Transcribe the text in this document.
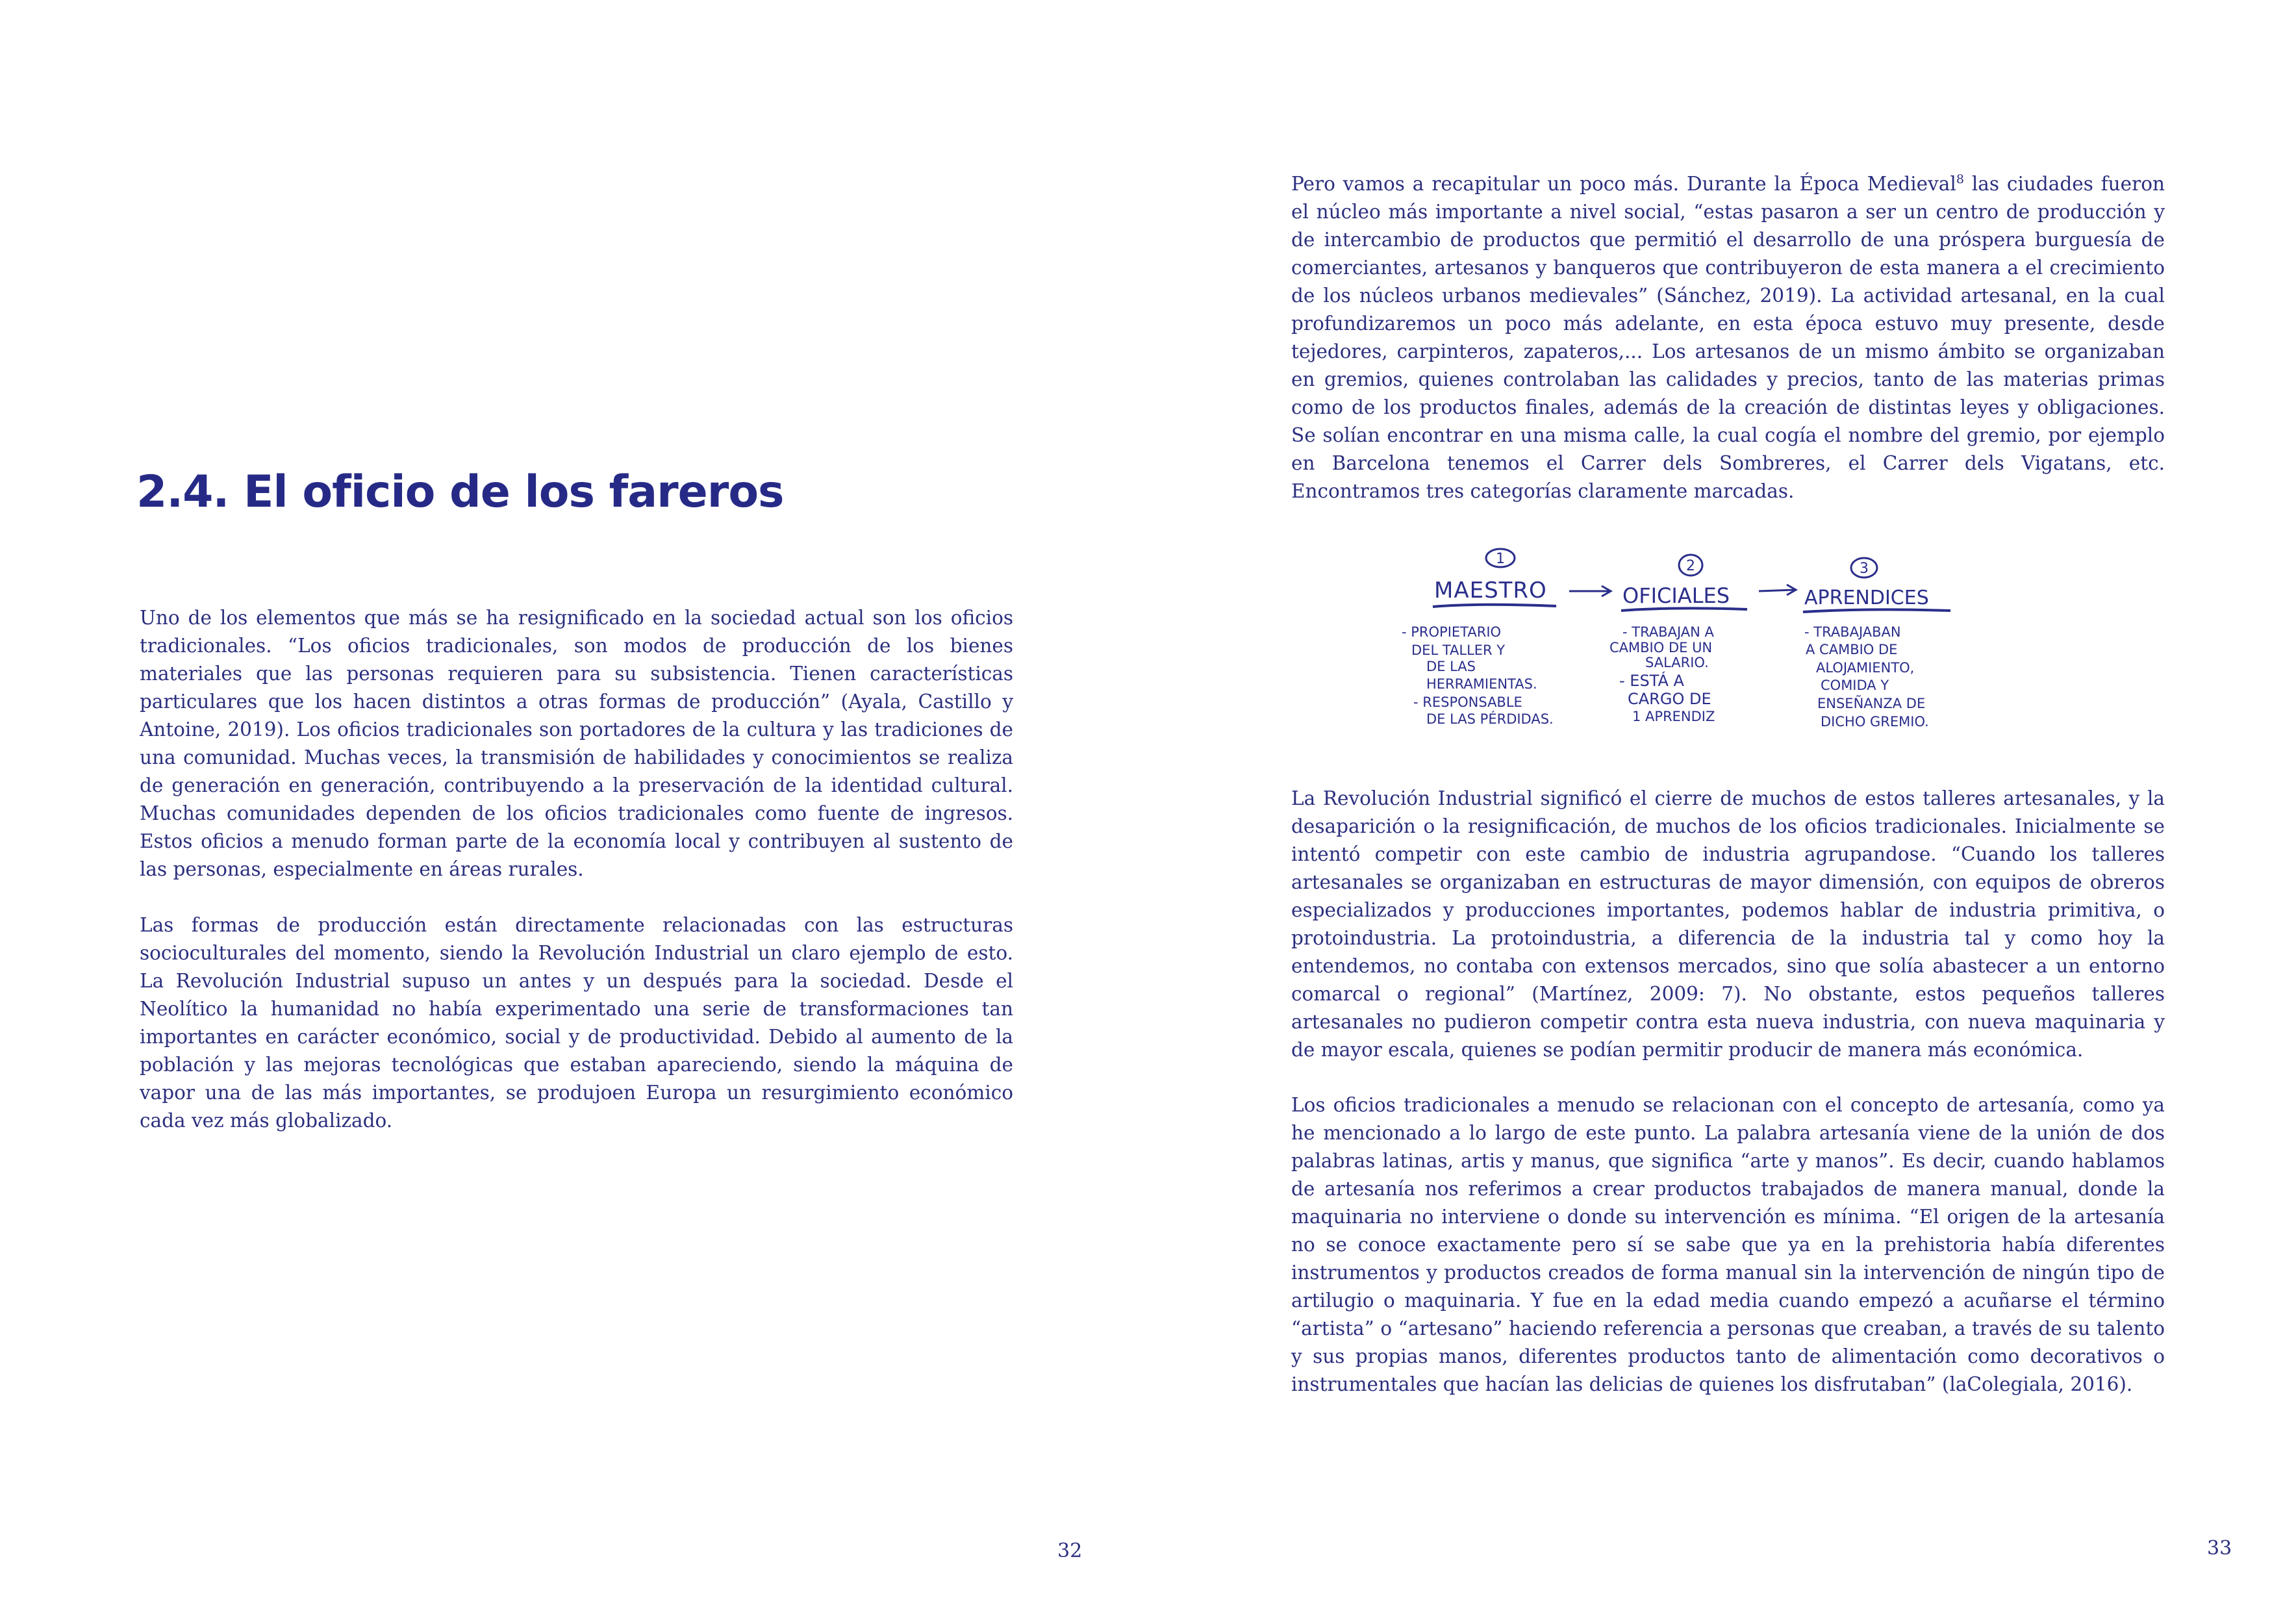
2.4. El oficio de los fareros

Uno de los elementos que más se ha resignificado en la sociedad actual son los oficios tradicionales. “Los oficios tradicionales, son modos de producción de los bienes materiales que las personas requieren para su subsistencia. Tienen características particulares que los hacen distintos a otras formas de producción” (Ayala, Castillo y Antoine, 2019). Los oficios tradicionales son portadores de la cultura y las tradiciones de una comunidad. Muchas veces, la transmisión de habilidades y conocimientos se realiza de generación en generación, contribuyendo a la preservación de la identidad cultural. Muchas comunidades dependen de los oficios tradicionales como fuente de ingresos. Estos oficios a menudo forman parte de la economía local y contribuyen al sustento de las personas, especialmente en áreas rurales.

Las formas de producción están directamente relacionadas con las estructuras socioculturales del momento, siendo la Revolución Industrial un claro ejemplo de esto. La Revolución Industrial supuso un antes y un después para la sociedad. Desde el Neolítico la humanidad no había experimentado una serie de transformaciones tan importantes en carácter económico, social y de productividad. Debido al aumento de la población y las mejoras tecnológicas que estaban apareciendo, siendo la máquina de vapor una de las más importantes, se produjoen Europa un resurgimiento económico cada vez más globalizado.

32

Pero vamos a recapitular un poco más. Durante la Época Medieval$^8$ las ciudades fueron el núcleo más importante a nivel social, “estas pasaron a ser un centro de producción y de intercambio de productos que permitió el desarrollo de una próspera burguesía de comerciantes, artesanos y banqueros que contribuyeron de esta manera a el crecimiento de los núcleos urbanos medievales” (Sánchez, 2019). La actividad artesanal, en la cual profundizaremos un poco más adelante, en esta época estuvo muy presente, desde tejedores, carpinteros, zapateros,... Los artesanos de un mismo ámbito se organizaban en gremios, quienes controlaban las calidades y precios, tanto de las materias primas como de los productos finales, además de la creación de distintas leyes y obligaciones. Se solían encontrar en una misma calle, la cual cogía el nombre del gremio, por ejemplo en Barcelona tenemos el Carrer dels Sombreres, el Carrer dels Vigatans, etc. Encontramos tres categorías claramente marcadas.

1
MAESTRO
- PROPIETARIO
DEL TALLER Y
DE LAS
HERRAMIENTAS.
- RESPONSABLE
DE LAS PÉRDIDAS.
2
OFICIALES
- TRABAJAN A
CAMBIO DE UN
SALARIO.
- ESTÁ A
CARGO DE
1 APRENDIZ
3
APRENDICES
- TRABAJABAN
A CAMBIO DE
ALOJAMIENTO,
COMIDA Y
ENSEÑANZA DE
DICHO GREMIO.

La Revolución Industrial significó el cierre de muchos de estos talleres artesanales, y la desaparición o la resignificación, de muchos de los oficios tradicionales. Inicialmente se intentó competir con este cambio de industria agrupandose. “Cuando los talleres artesanales se organizaban en estructuras de mayor dimensión, con equipos de obreros especializados y producciones importantes, podemos hablar de industria primitiva, o protoindustria. La protoindustria, a diferencia de la industria tal y como hoy la entendemos, no contaba con extensos mercados, sino que solía abastecer a un entorno comarcal o regional” (Martínez, 2009: 7). No obstante, estos pequeños talleres artesanales no pudieron competir contra esta nueva industria, con nueva maquinaria y de mayor escala, quienes se podían permitir producir de manera más económica.

Los oficios tradicionales a menudo se relacionan con el concepto de artesanía, como ya he mencionado a lo largo de este punto. La palabra artesanía viene de la unión de dos palabras latinas, artis y manus, que significa “arte y manos”. Es decir, cuando hablamos de artesanía nos referimos a crear productos trabajados de manera manual, donde la maquinaria no interviene o donde su intervención es mínima. “El origen de la artesanía no se conoce exactamente pero sí se sabe que ya en la prehistoria había diferentes instrumentos y productos creados de forma manual sin la intervención de ningún tipo de artilugio o maquinaria. Y fue en la edad media cuando empezó a acuñarse el término “artista” o “artesano” haciendo referencia a personas que creaban, a través de su talento y sus propias manos, diferentes productos tanto de alimentación como decorativos o instrumentales que hacían las delicias de quienes los disfrutaban” (laColegiala, 2016).

33
